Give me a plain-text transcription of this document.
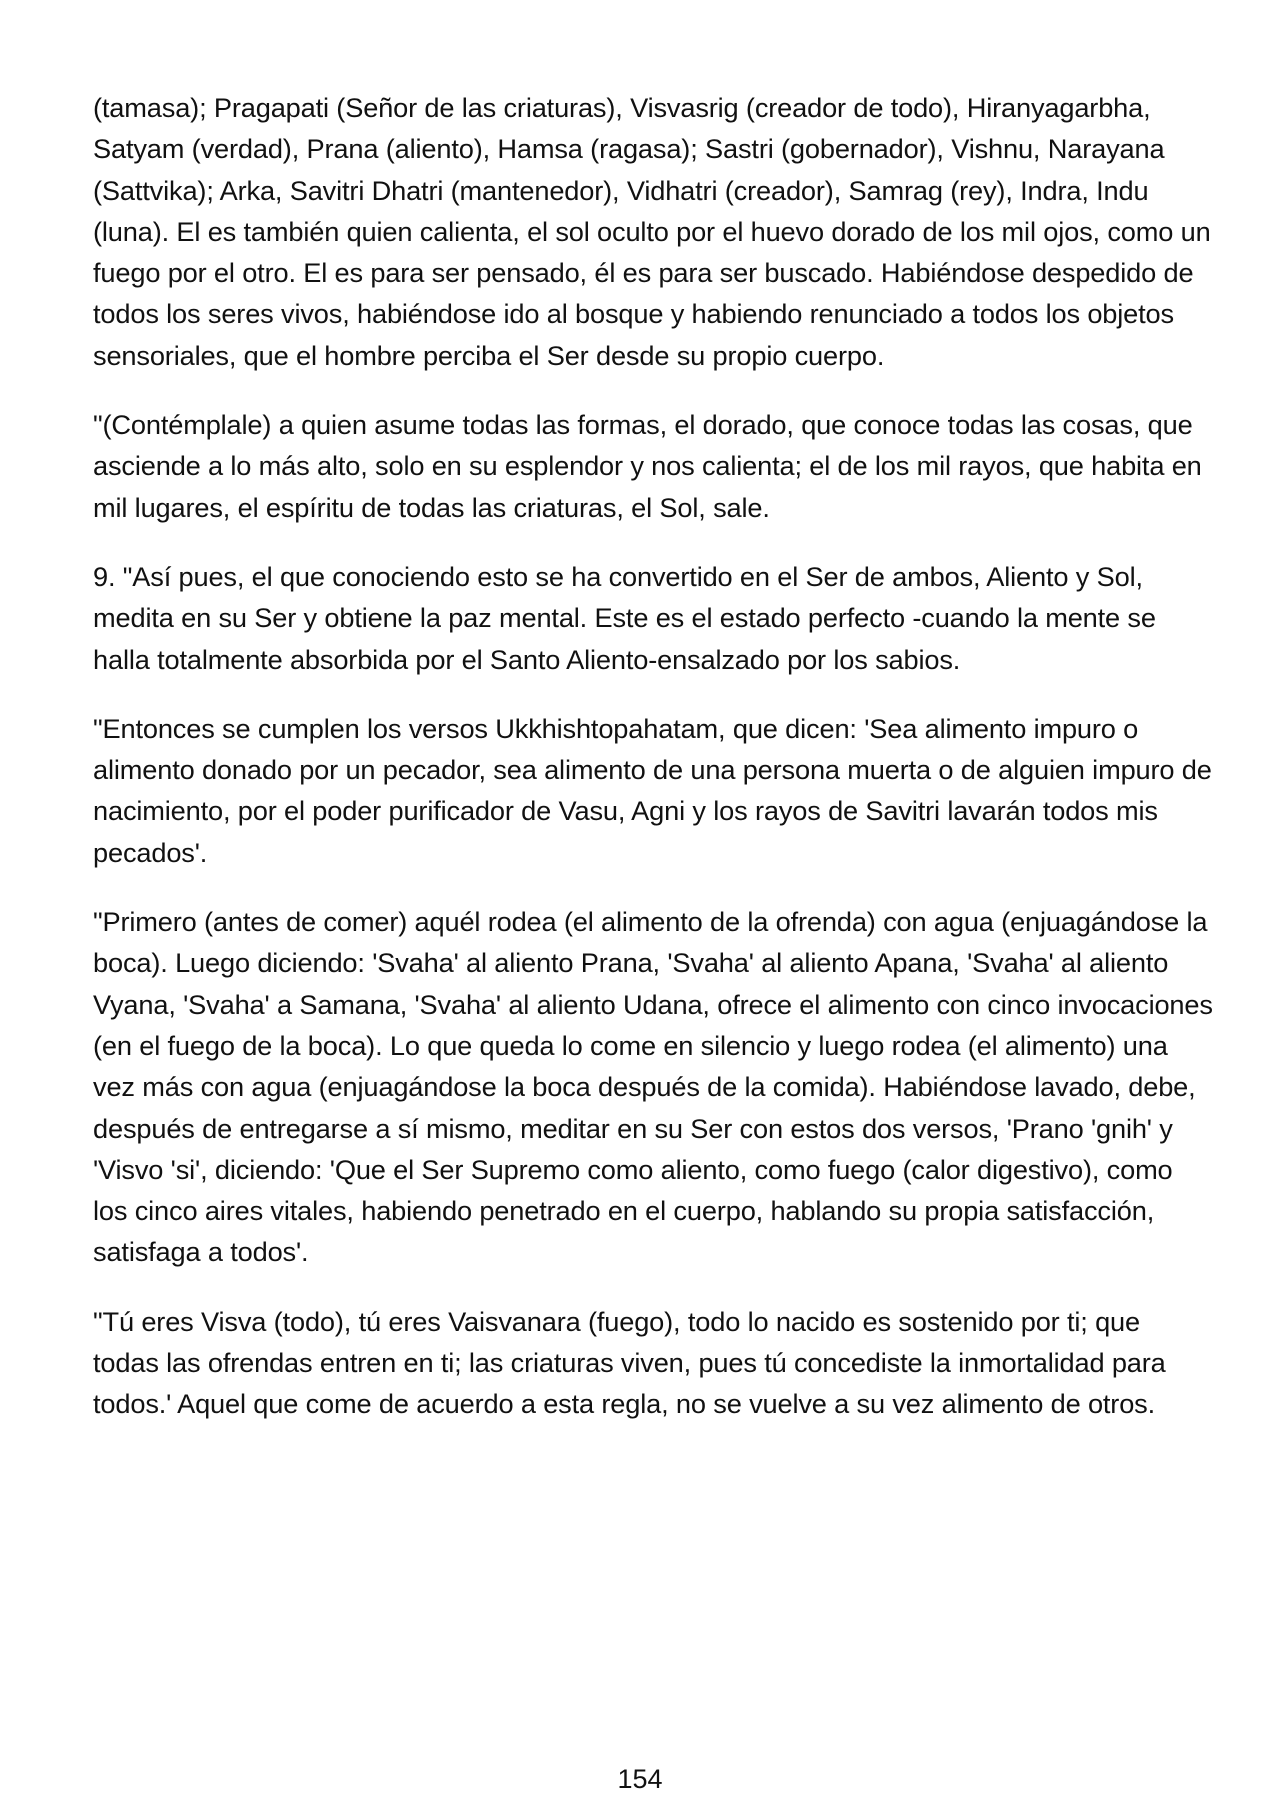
(tamasa); Pragapati (Señor de las criaturas), Visvasrig (creador de todo), Hiranyagarbha, Satyam (verdad), Prana (aliento), Hamsa (ragasa); Sastri (gobernador), Vishnu, Narayana (Sattvika); Arka, Savitri Dhatri (mantenedor), Vidhatri (creador), Samrag (rey), Indra, Indu (luna). El es también quien calienta, el sol oculto por el huevo dorado de los mil ojos, como un fuego por el otro. El es para ser pensado, él es para ser buscado. Habiéndose despedido de todos los seres vivos, habiéndose ido al bosque y habiendo renunciado a todos los objetos sensoriales, que el hombre perciba el Ser desde su propio cuerpo.

"(Contémplale) a quien asume todas las formas, el dorado, que conoce todas las cosas, que asciende a lo más alto, solo en su esplendor y nos calienta; el de los mil rayos, que habita en mil lugares, el espíritu de todas las criaturas, el Sol, sale.

9. "Así pues, el que conociendo esto se ha convertido en el Ser de ambos, Aliento y Sol, medita en su Ser y obtiene la paz mental. Este es el estado perfecto -cuando la mente se halla totalmente absorbida por el Santo Aliento-ensalzado por los sabios.

"Entonces se cumplen los versos Ukkhishtopahatam, que dicen: 'Sea alimento impuro o alimento donado por un pecador, sea alimento de una persona muerta o de alguien impuro de nacimiento, por el poder purificador de Vasu, Agni y los rayos de Savitri lavarán todos mis pecados'.

"Primero (antes de comer) aquél rodea (el alimento de la ofrenda) con agua (enjuagándose la boca). Luego diciendo: 'Svaha' al aliento Prana, 'Svaha' al aliento Apana, 'Svaha' al aliento Vyana, 'Svaha' a Samana, 'Svaha' al aliento Udana, ofrece el alimento con cinco invocaciones (en el fuego de la boca). Lo que queda lo come en silencio y luego rodea (el alimento) una vez más con agua (enjuagándose la boca después de la comida). Habiéndose lavado, debe, después de entregarse a sí mismo, meditar en su Ser con estos dos versos, 'Prano 'gnih' y 'Visvo 'si', diciendo: 'Que el Ser Supremo como aliento, como fuego (calor digestivo), como los cinco aires vitales, habiendo penetrado en el cuerpo, hablando su propia satisfacción, satisfaga a todos'.

"Tú eres Visva (todo), tú eres Vaisvanara (fuego), todo lo nacido es sostenido por ti; que todas las ofrendas entren en ti; las criaturas viven, pues tú concediste la inmortalidad para todos.' Aquel que come de acuerdo a esta regla, no se vuelve a su vez alimento de otros.

154
